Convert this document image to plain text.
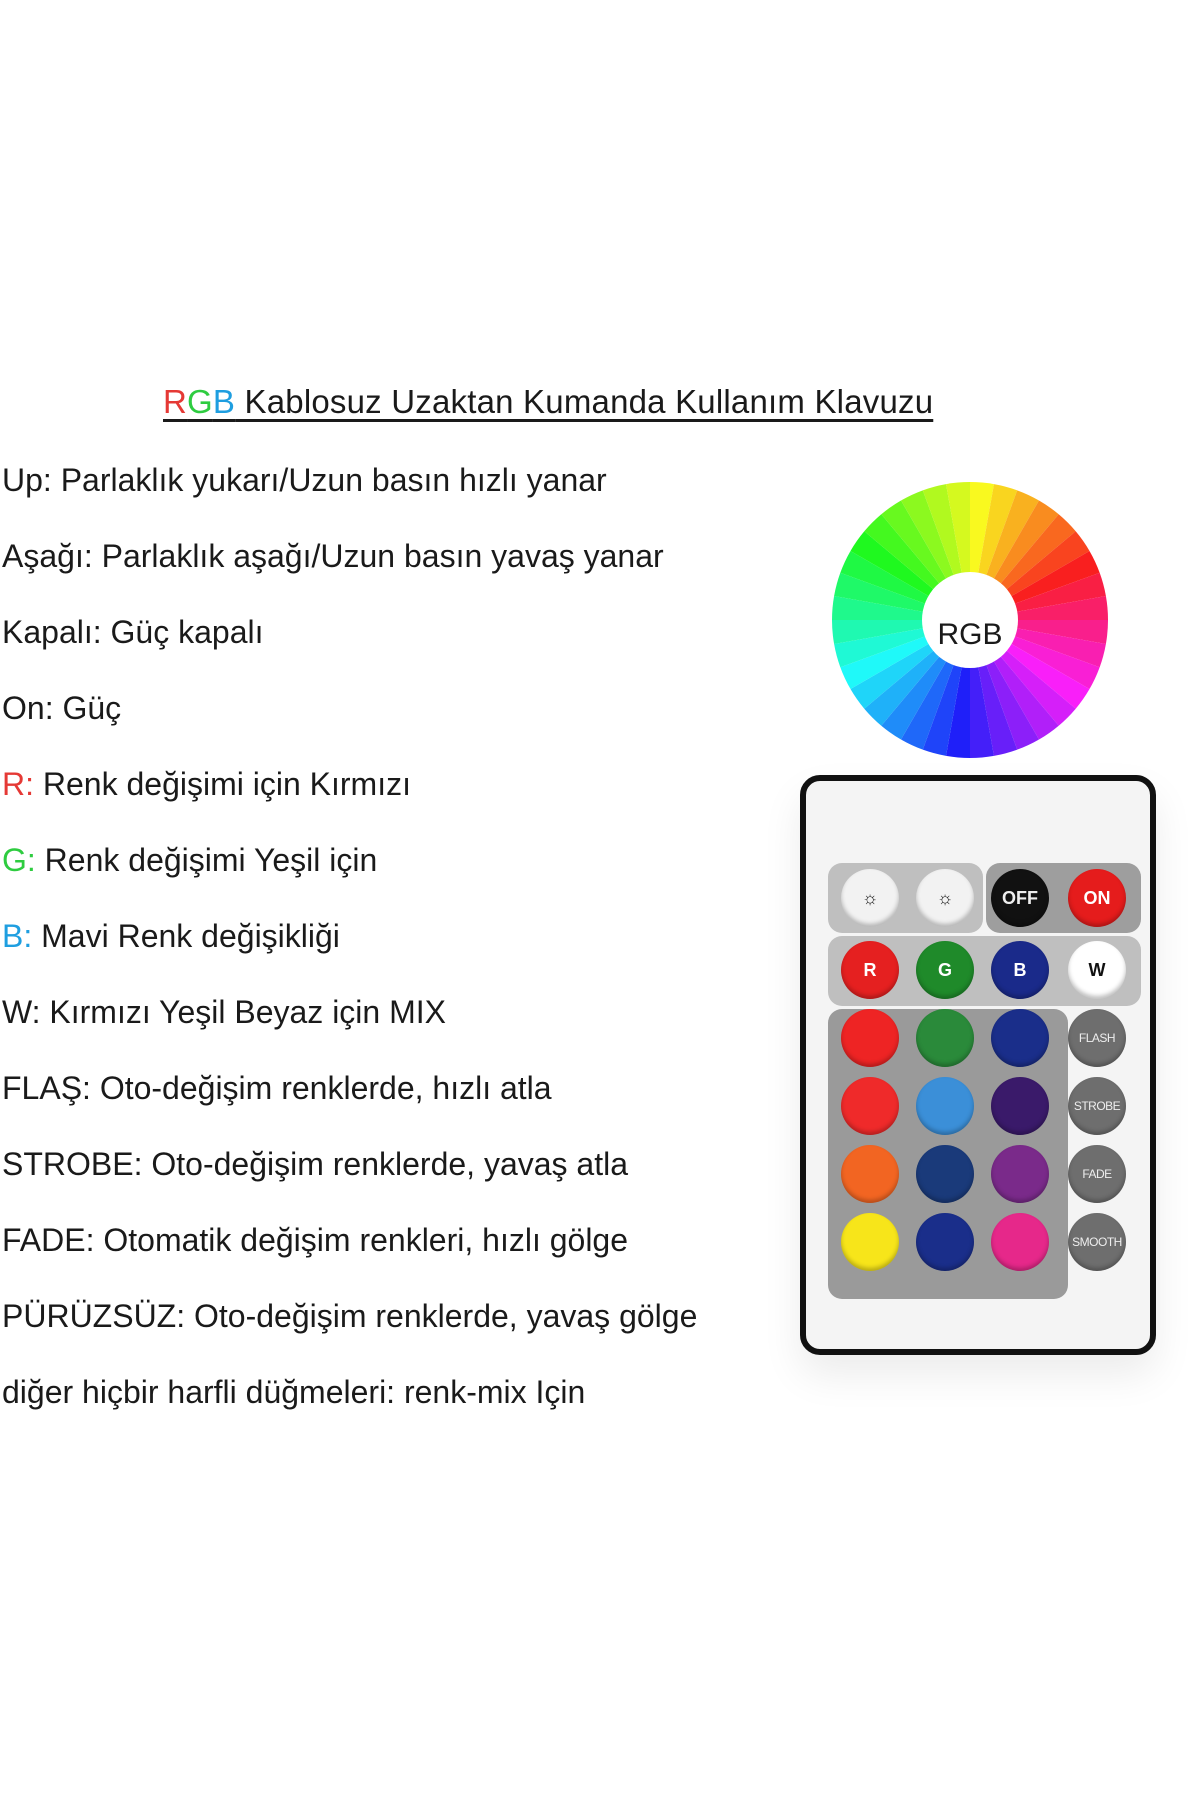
RGB Kablosuz Uzaktan Kumanda Kullanım Klavuzu
Up: Parlaklık yukarı/Uzun basın hızlı yanar
Aşağı: Parlaklık aşağı/Uzun basın yavaş yanar
Kapalı: Güç kapalı
On: Güç
R: Renk değişimi için Kırmızı
G: Renk değişimi Yeşil için
B: Mavi Renk değişikliği
W: Kırmızı Yeşil Beyaz için MIX
FLAŞ: Oto-değişim renklerde, hızlı atla
STROBE: Oto-değişim renklerde, yavaş atla
FADE: Otomatik değişim renkleri, hızlı gölge
PÜRÜZSÜZ: Oto-değişim renklerde, yavaş gölge
diğer hiçbir harfli düğmeleri: renk-mix Için
RGB
☼	☼	OFF	ON
R	G	B	W
FLASH
STROBE
FADE
SMOOTH
